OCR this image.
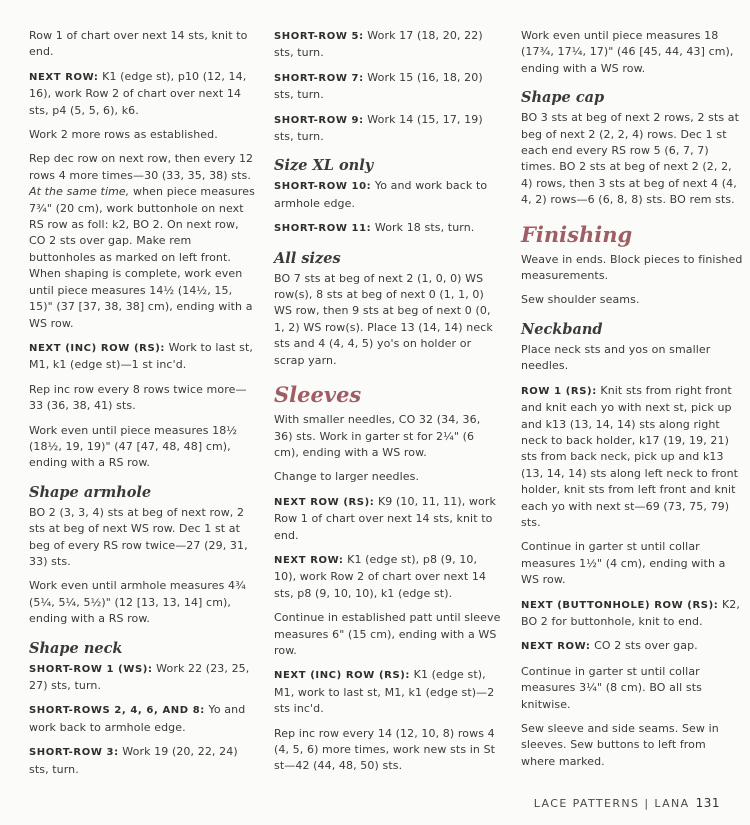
Row 1 of chart over next 14 sts, knit to end.

NEXT ROW: K1 (edge st), p10 (12, 14, 16), work Row 2 of chart over next 14 sts, p4 (5, 5, 6), k6.

Work 2 more rows as established.

Rep dec row on next row, then every 12 rows 4 more times—30 (33, 35, 38) sts. At the same time, when piece measures 7¾" (20 cm), work buttonhole on next RS row as foll: k2, BO 2. On next row, CO 2 sts over gap. Make rem buttonholes as marked on left front. When shaping is complete, work even until piece measures 14½ (14½, 15, 15)" (37 [37, 38, 38] cm), ending with a WS row.

NEXT (INC) ROW (RS): Work to last st, M1, k1 (edge st)—1 st inc'd.

Rep inc row every 8 rows twice more—33 (36, 38, 41) sts.

Work even until piece measures 18½ (18½, 19, 19)" (47 [47, 48, 48] cm), ending with a RS row.

Shape armhole

BO 2 (3, 3, 4) sts at beg of next row, 2 sts at beg of next WS row. Dec 1 st at beg of every RS row twice—27 (29, 31, 33) sts.

Work even until armhole measures 4¾ (5¼, 5¼, 5½)" (12 [13, 13, 14] cm), ending with a RS row.

Shape neck

SHORT-ROW 1 (WS): Work 22 (23, 25, 27) sts, turn.

SHORT-ROWS 2, 4, 6, AND 8: Yo and work back to armhole edge.

SHORT-ROW 3: Work 19 (20, 22, 24) sts, turn.

SHORT-ROW 5: Work 17 (18, 20, 22) sts, turn.

SHORT-ROW 7: Work 15 (16, 18, 20) sts, turn.

SHORT-ROW 9: Work 14 (15, 17, 19) sts, turn.

Size XL only

SHORT-ROW 10: Yo and work back to armhole edge.

SHORT-ROW 11: Work 18 sts, turn.

All sizes

BO 7 sts at beg of next 2 (1, 0, 0) WS row(s), 8 sts at beg of next 0 (1, 1, 0) WS row, then 9 sts at beg of next 0 (0, 1, 2) WS row(s). Place 13 (14, 14) neck sts and 4 (4, 4, 5) yo's on holder or scrap yarn.

Sleeves

With smaller needles, CO 32 (34, 36, 36) sts. Work in garter st for 2¼" (6 cm), ending with a WS row.

Change to larger needles.

NEXT ROW (RS): K9 (10, 11, 11), work Row 1 of chart over next 14 sts, knit to end.

NEXT ROW: K1 (edge st), p8 (9, 10, 10), work Row 2 of chart over next 14 sts, p8 (9, 10, 10), k1 (edge st).

Continue in established patt until sleeve measures 6" (15 cm), ending with a WS row.

NEXT (INC) ROW (RS): K1 (edge st), M1, work to last st, M1, k1 (edge st)—2 sts inc'd.

Rep inc row every 14 (12, 10, 8) rows 4 (4, 5, 6) more times, work new sts in St st—42 (44, 48, 50) sts.

Work even until piece measures 18 (17¾, 17¼, 17)" (46 [45, 44, 43] cm), ending with a WS row.

Shape cap

BO 3 sts at beg of next 2 rows, 2 sts at beg of next 2 (2, 2, 4) rows. Dec 1 st each end every RS row 5 (6, 7, 7) times. BO 2 sts at beg of next 2 (2, 2, 4) rows, then 3 sts at beg of next 4 (4, 4, 2) rows—6 (6, 8, 8) sts. BO rem sts.

Finishing

Weave in ends. Block pieces to finished measurements.

Sew shoulder seams.

Neckband

Place neck sts and yos on smaller needles.

ROW 1 (RS): Knit sts from right front and knit each yo with next st, pick up and k13 (13, 14, 14) sts along right neck to back holder, k17 (19, 19, 21) sts from back neck, pick up and k13 (13, 14, 14) sts along left neck to front holder, knit sts from left front and knit each yo with next st—69 (73, 75, 79) sts.

Continue in garter st until collar measures 1½" (4 cm), ending with a WS row.

NEXT (BUTTONHOLE) ROW (RS): K2, BO 2 for buttonhole, knit to end.

NEXT ROW: CO 2 sts over gap.

Continue in garter st until collar measures 3¼" (8 cm). BO all sts knitwise.

Sew sleeve and side seams. Sew in sleeves. Sew buttons to left from where marked.

LACE PATTERNS | LANA 131
